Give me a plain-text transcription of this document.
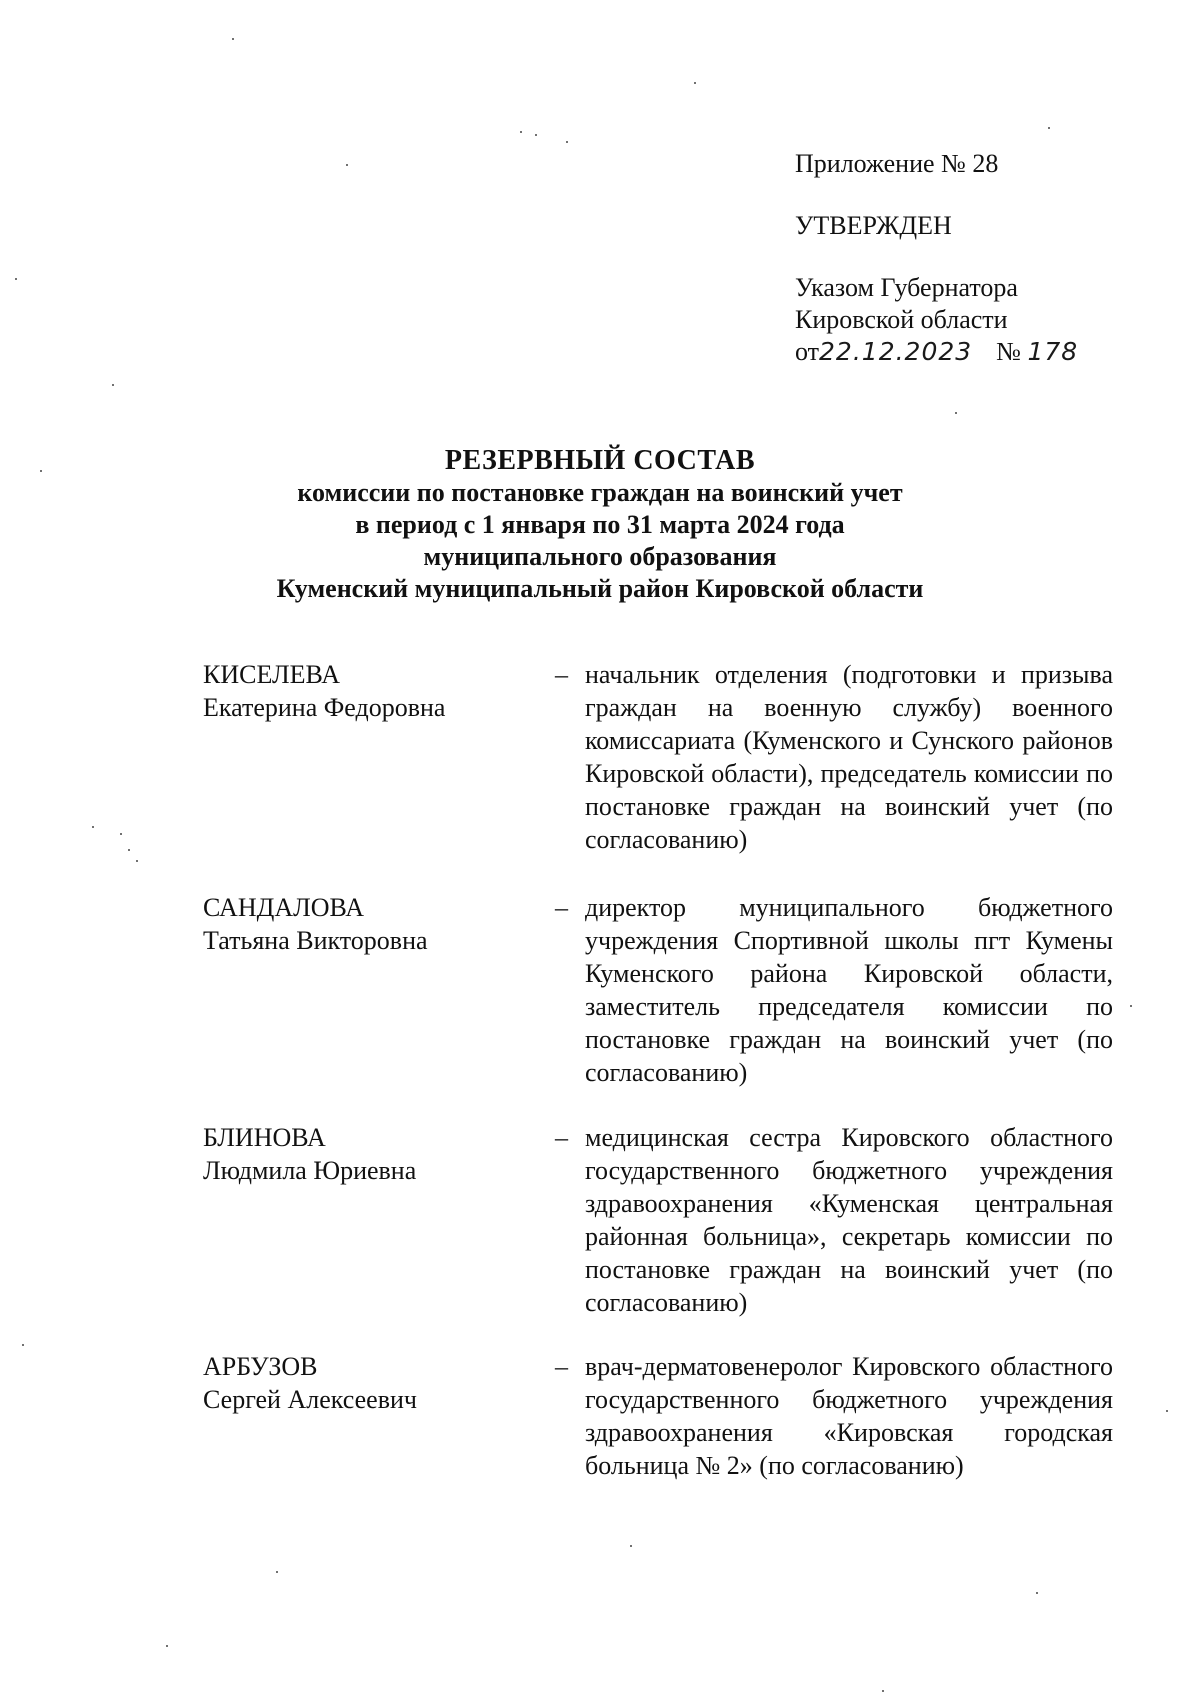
Приложение № 28
УТВЕРЖДЕН
Указом Губернатора
Кировской области
от22.12.2023 № 178
РЕЗЕРВНЫЙ СОСТАВ
комиссии по постановке граждан на воинский учет
в период с 1 января по 31 марта 2024 года
муниципального образования
Куменский муниципальный район Кировской области
КИСЕЛЕВА
Екатерина Федоровна
– начальник отделения (подготовки и призыва граждан на военную службу) военного комиссариата (Куменского и Сунского районов Кировской области), председатель комиссии по постановке граждан на воинский учет (по согласованию)
САНДАЛОВА
Татьяна Викторовна
– директор муниципального бюджетного учреждения Спортивной школы пгт Кумены Куменского района Кировской области, заместитель председателя комиссии по постановке граждан на воинский учет (по согласованию)
БЛИНОВА
Людмила Юриевна
– медицинская сестра Кировского областного государственного бюджетного учреждения здравоохранения «Куменская центральная районная больница», секретарь комиссии по постановке граждан на воинский учет (по согласованию)
АРБУЗОВ
Сергей Алексеевич
– врач-дерматовенеролог Кировского областного государственного бюджетного учреждения здравоохранения «Кировская городская больница № 2» (по согласованию)
